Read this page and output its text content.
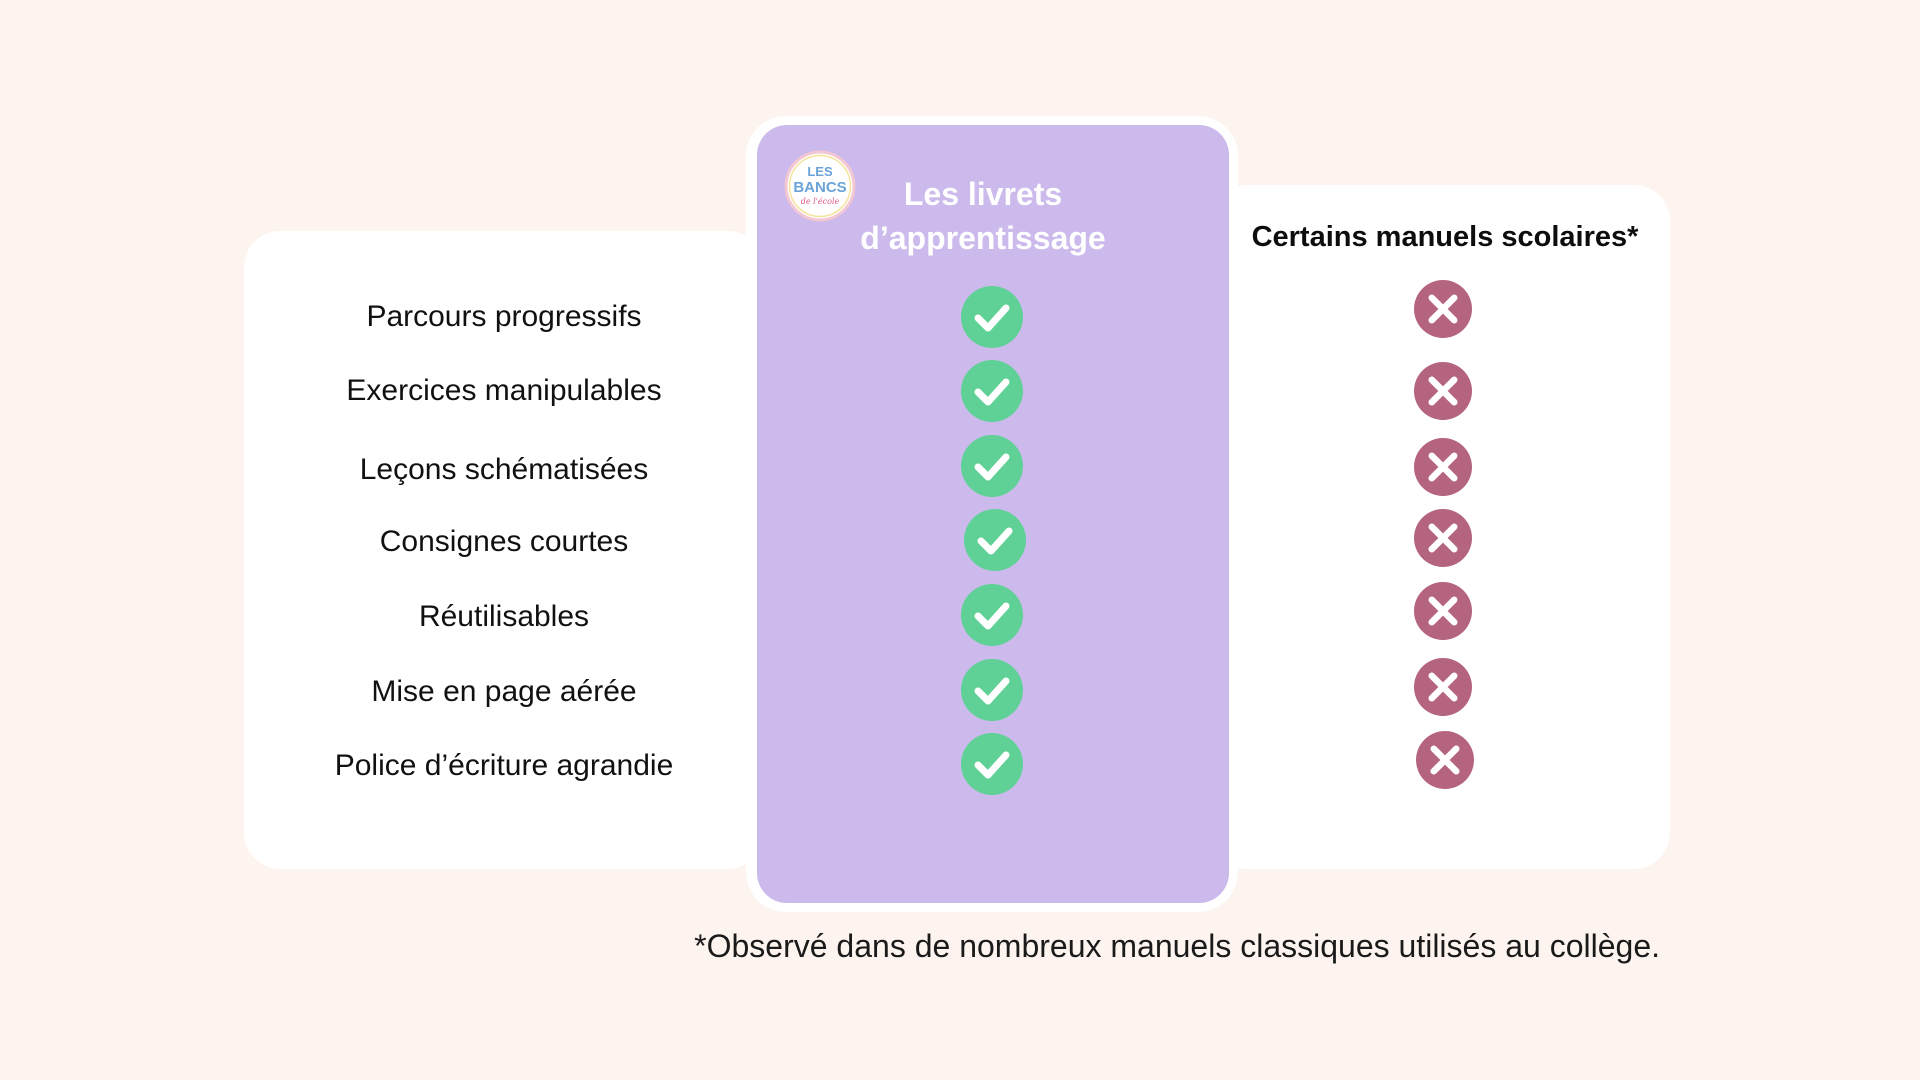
LES
BANCS
de l'école	Les livrets
d’apprentissage	Certains manuels scolaires*
Parcours progressifs
Exercices manipulables
Leçons schématisées
Consignes courtes
Réutilisables
Mise en page aérée
Police d’écriture agrandie
*Observé dans de nombreux manuels classiques utilisés au collège.
